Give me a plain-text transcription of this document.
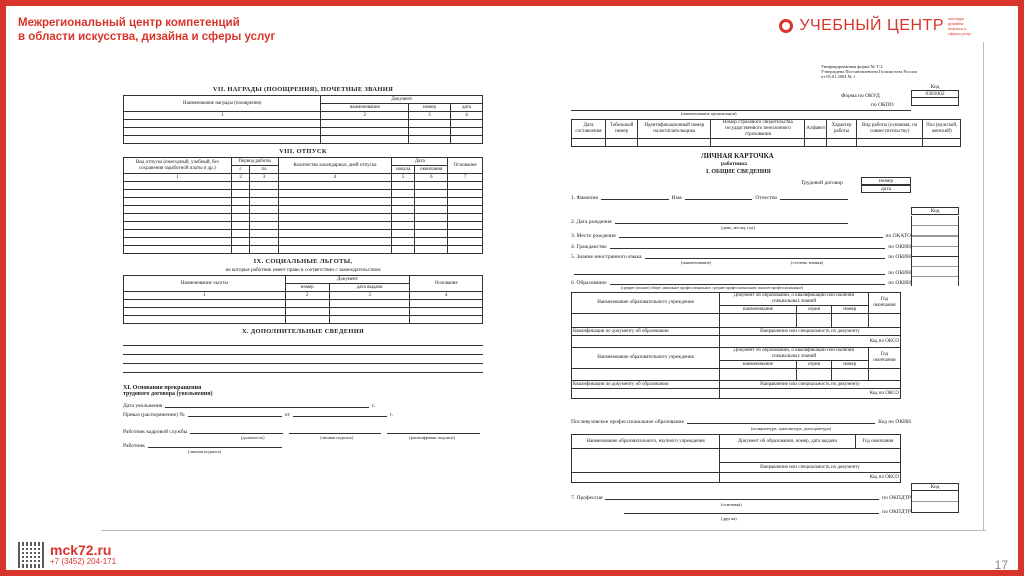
Межрегиональный центр компетенций
в области искусства, дизайна и сферы услуг
УЧЕБНЫЙ ЦЕНТР колледж дизайна бизнеса и сферы услуг
VII. НАГРАДЫ (ПООЩРЕНИЯ), ПОЧЕТНЫЕ ЗВАНИЯ
Наименование награды (поощрения)	Документ		
	наименование	номер	дата
1	2	3	4

VIII. ОТПУСК
Вид отпуска (ежегодный, учебный, без сохранения заработной платы и др.)	Период работы		Количество календарных дней отпуска	Дата		Основание
	с	по		начала	окончания	
1	2	3	4	5	6	7

IX. СОЦИАЛЬНЫЕ ЛЬГОТЫ,
на которые работник имеет право в соответствии с законодательством
Наименование льготы	Документ		Основание
	номер	дата выдачи	
1	2	3	4

X. ДОПОЛНИТЕЛЬНЫЕ СВЕДЕНИЯ
XI. Основания прекращения
трудового договора (увольнения)
Дата увольнения	г.
Приказ (распоряжение) №	от	г.
Работник кадровой службы
(должность)	(личная подпись)	(расшифровка подписи)
Работник
(личная подпись)
Унифицированная форма № Т-2
Утверждена Постановлением Госкомстата России
от 05.01.2004 № 1
Код
0301002
Форма по ОКУД
по ОКПО
(наименование организации)
Дата составления	Табельный номер	Идентификационный номер налогоплательщика	Номер страхового свидетельства государственного пенсионного страхования	Алфавит	Характер работы	Вид работы (основная, по совместительству)	Пол (мужской, женский)

ЛИЧНАЯ КАРТОЧКА
работника
I. ОБЩИЕ СВЕДЕНИЯ
Трудовой договор	номер
дата
1. Фамилия	Имя	Отчество
Код
2. Дата рождения
(день, месяц, год)
3. Место рождения	по ОКАТО
4. Гражданство	по ОКИН
5. Знание иностранного языка	по ОКИН
(наименование)	(степень знания)
по ОКИН
6. Образование	по ОКИН
(среднее (полное) общее, начальное профессиональное, среднее профессиональное, высшее профессиональное)
Наименование образовательного учреждения	Документ об образовании, о квалификации или наличии специальных знаний			Год окончания
	наименование	серия	номер	

Квалификация по документу об образовании	Направление или специальность по документу			
	Код по ОКСО			
Наименование образовательного учреждения	Документ об образовании, о квалификации или наличии специальных знаний			Год окончания
	наименование	серия	номер	

Квалификация по документу об образовании	Направление или специальность по документу			
	Код по ОКСО			
Послевузовское профессиональное образование	Код по ОКИН
(аспирантура, адъюнктура, докторантура)
Наименование образовательного, научного учреждения	Документ об образовании, номер, дата выдачи	Год окончания

	Направление или специальность по документу	
	Код по ОКСО	
Код
7. Профессия	по ОКПДТР
(основная)
по ОКПДТР
(другая)
mck72.ru
+7 (3452) 204-171	17
